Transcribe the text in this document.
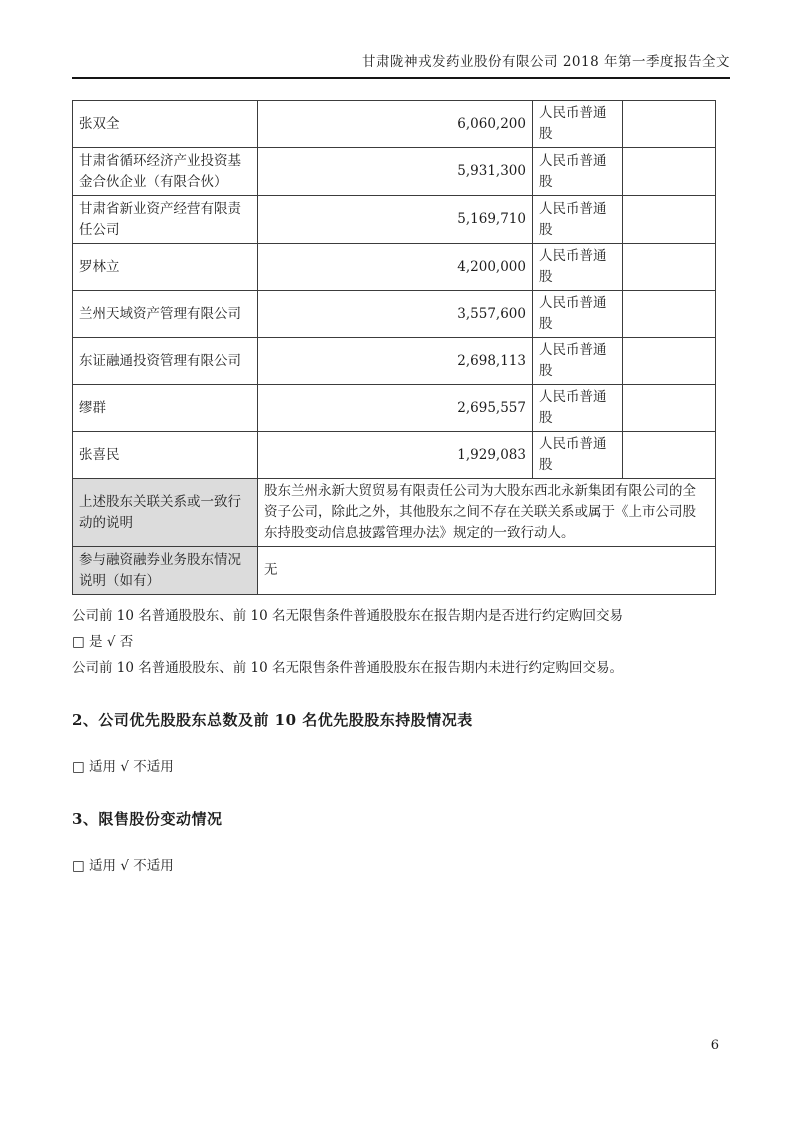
甘肃陇神戎发药业股份有限公司 2018 年第一季度报告全文
张双全	6,060,200	人民币普通股	
甘肃省循环经济产业投资基金合伙企业（有限合伙）	5,931,300	人民币普通股	
甘肃省新业资产经营有限责任公司	5,169,710	人民币普通股	
罗林立	4,200,000	人民币普通股	
兰州天域资产管理有限公司	3,557,600	人民币普通股	
东证融通投资管理有限公司	2,698,113	人民币普通股	
缪群	2,695,557	人民币普通股	
张喜民	1,929,083	人民币普通股	
上述股东关联关系或一致行动的说明	股东兰州永新大贸贸易有限责任公司为大股东西北永新集团有限公司的全资子公司，除此之外，其他股东之间不存在关联关系或属于《上市公司股东持股变动信息披露管理办法》规定的一致行动人。		
参与融资融券业务股东情况说明（如有）	无		
公司前 10 名普通股股东、前 10 名无限售条件普通股股东在报告期内是否进行约定购回交易
□ 是 √ 否
公司前 10 名普通股股东、前 10 名无限售条件普通股股东在报告期内未进行约定购回交易。
2、公司优先股股东总数及前 10 名优先股股东持股情况表
□ 适用 √ 不适用
3、限售股份变动情况
□ 适用 √ 不适用
6
